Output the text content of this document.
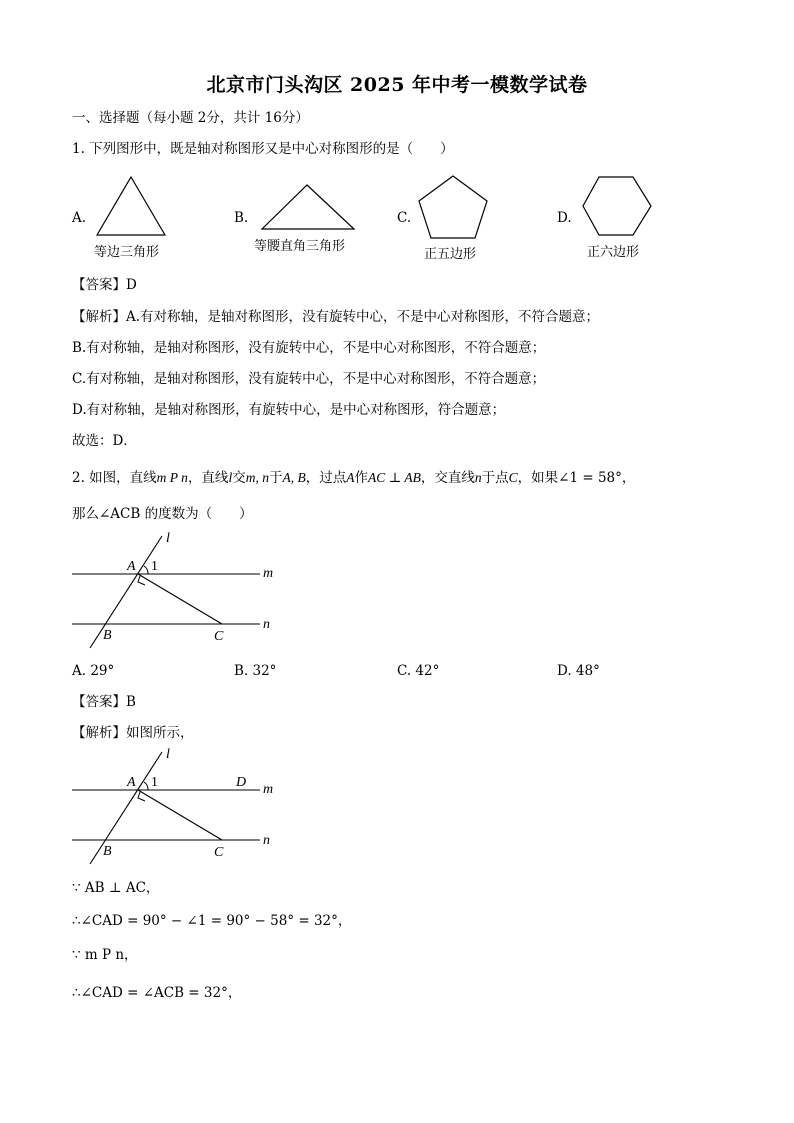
北京市门头沟区 2025 年中考一模数学试卷
一、选择题（每小题 2分，共计 16分）
1. 下列图形中，既是轴对称图形又是中心对称图形的是（　　）
A.
等边三角形
B.
等腰直角三角形
C.
正五边形
D.
正六边形
【答案】D
【解析】A.有对称轴，是轴对称图形，没有旋转中心，不是中心对称图形，不符合题意；
B.有对称轴，是轴对称图形，没有旋转中心，不是中心对称图形，不符合题意；
C.有对称轴，是轴对称图形，没有旋转中心，不是中心对称图形，不符合题意；
D.有对称轴，是轴对称图形，有旋转中心，是中心对称图形，符合题意；
故选：D．
2. 如图，直线m P n，直线l交m, n于A, B，过点A作AC ⊥ AB，交直线n于点C，如果∠1 = 58°，
那么∠ACB 的度数为（　　）
l
A 1	m
n
B	C
A. 29°	B. 32°	C. 42°	D. 48°
【答案】B
【解析】如图所示，
l
A 1	D m
n
B	C
∵ AB ⊥ AC，
∴∠CAD = 90° − ∠1 = 90° − 58° = 32°，
∵ m P n，
∴∠CAD = ∠ACB = 32°，
